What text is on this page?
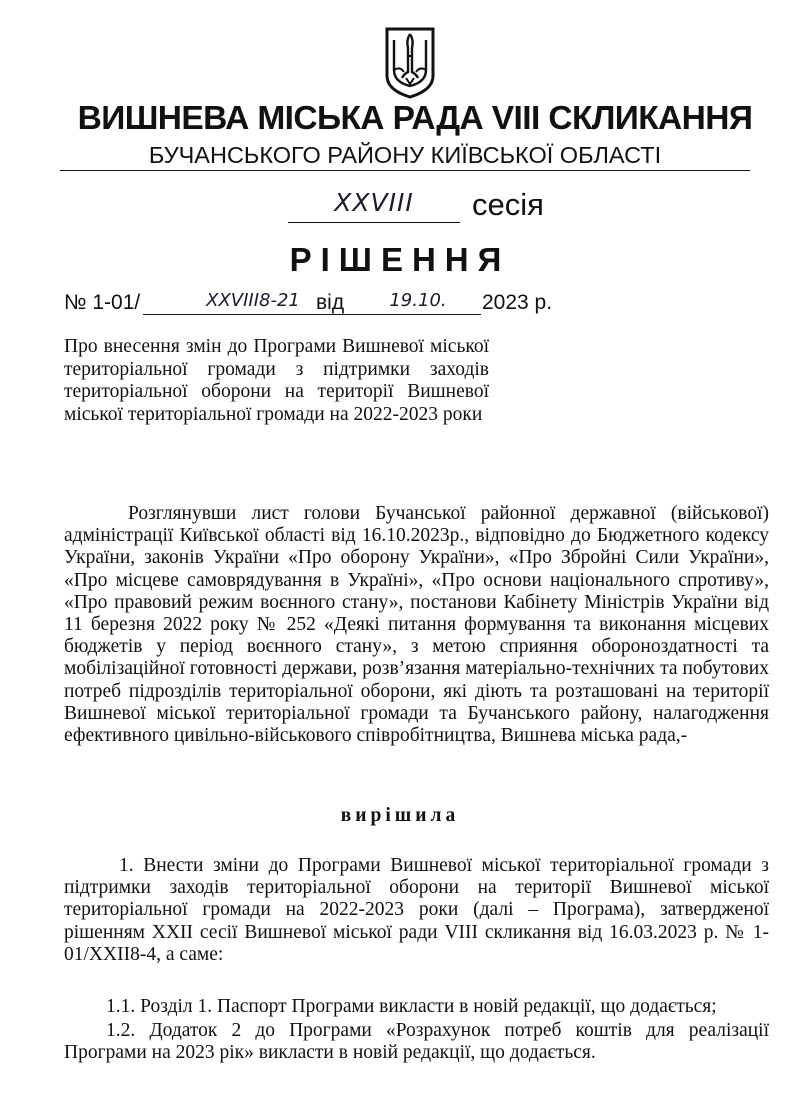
ВИШНЕВА МІСЬКА РАДА VIII СКЛИКАННЯ
БУЧАНСЬКОГО РАЙОНУ КИЇВСЬКОЇ ОБЛАСТІ
XXVIII	сесія
РІШЕННЯ
№ 1-01/	XXVIII8-21 від	19.10.	2023 р.
Про внесення змін до Програми Вишневої міської територіальної громади з підтримки заходів територіальної оборони на території Вишневої міської територіальної громади на 2022-2023 роки
Розглянувши лист голови Бучанської районної державної (військової) адміністрації Київської області від 16.10.2023р., відповідно до Бюджетного кодексу України, законів України «Про оборону України», «Про Збройні Сили України», «Про місцеве самоврядування в Україні», «Про основи національного спротиву», «Про правовий режим воєнного стану», постанови Кабінету Міністрів України від 11 березня 2022 року № 252 «Деякі питання формування та виконання місцевих бюджетів у період воєнного стану», з метою сприяння обороноздатності та мобілізаційної готовності держави, розв’язання матеріально-технічних та побутових потреб підрозділів територіальної оборони, які діють та розташовані на території Вишневої міської територіальної громади та Бучанського району, налагодження ефективного цивільно-військового співробітництва, Вишнева міська рада,-
вирішила
1. Внести зміни до Програми Вишневої міської територіальної громади з підтримки заходів територіальної оборони на території Вишневої міської територіальної громади на 2022-2023 роки (далі – Програма), затвердженої рішенням XXII сесії Вишневої міської ради VIII скликання від 16.03.2023 р. № 1-01/XXII8-4, а саме:
1.1. Розділ 1. Паспорт Програми викласти в новій редакції, що додається;
1.2. Додаток 2 до Програми «Розрахунок потреб коштів для реалізації Програми на 2023 рік» викласти в новій редакції, що додається.
